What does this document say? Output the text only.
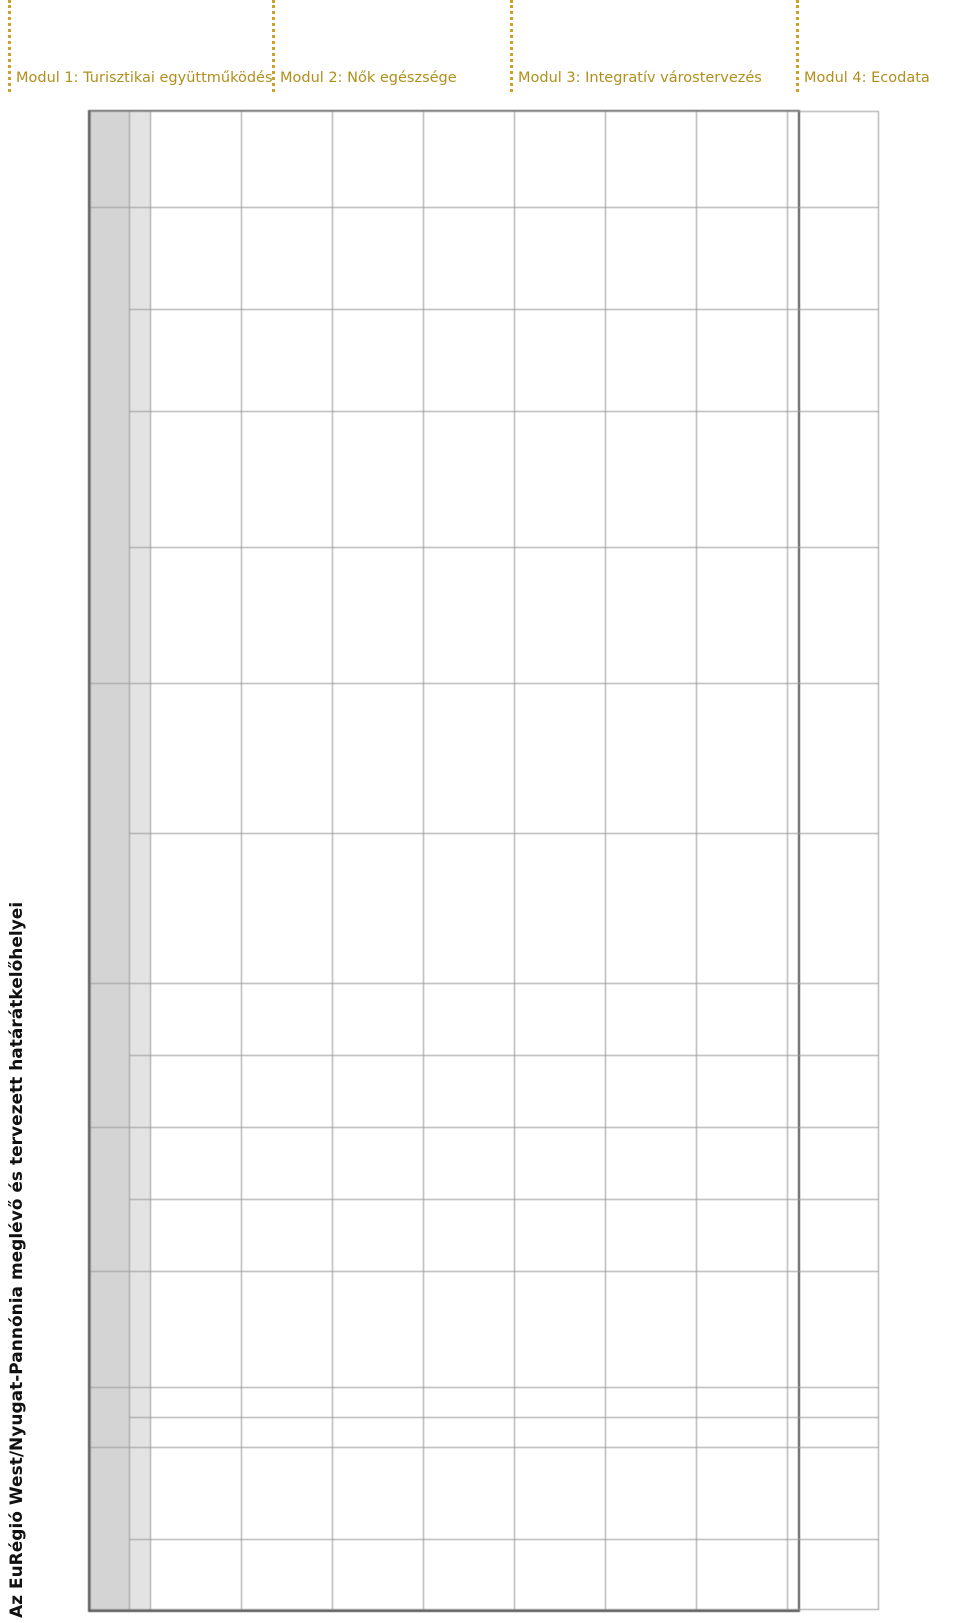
Modul 1: Turisztikai együttműködés Modul 2: Nők egészsége	Modul 3: Integratív várostervezés	Modul 4: Ecodata
Az EuRégió West/Nyugat-Pannónia meglévő és tervezett határátkelőhelyei
